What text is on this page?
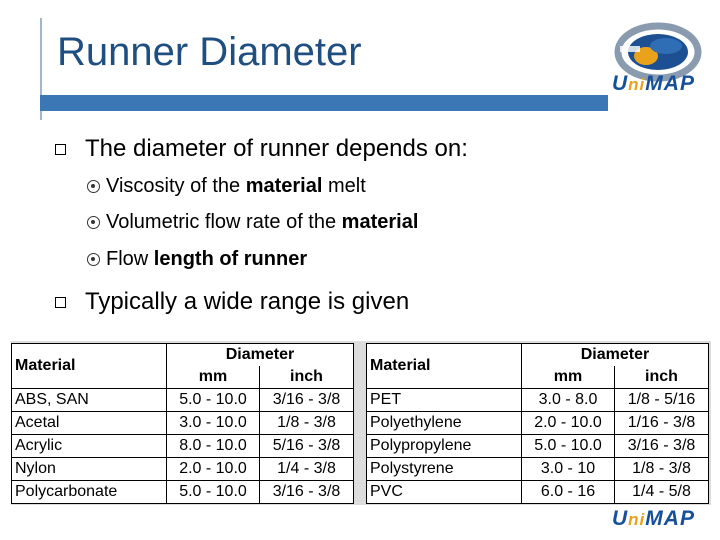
Runner Diameter
UniMAP
The diameter of runner depends on:
Viscosity of the material melt
Volumetric flow rate of the material
Flow length of runner
Typically a wide range is given
Material	Diameter	
	mm	inch
ABS, SAN	5.0 - 10.0	3/16 - 3/8
Acetal	3.0 - 10.0	1/8 - 3/8
Acrylic	8.0 - 10.0	5/16 - 3/8
Nylon	2.0 - 10.0	1/4 - 3/8
Polycarbonate	5.0 - 10.0	3/16 - 3/8
Material	Diameter	
	mm	inch
PET	3.0 - 8.0	1/8 - 5/16
Polyethylene	2.0 - 10.0	1/16 - 3/8
Polypropylene	5.0 - 10.0	3/16 - 3/8
Polystyrene	3.0 - 10	1/8 - 3/8
PVC	6.0 - 16	1/4 - 5/8
UniMAP
